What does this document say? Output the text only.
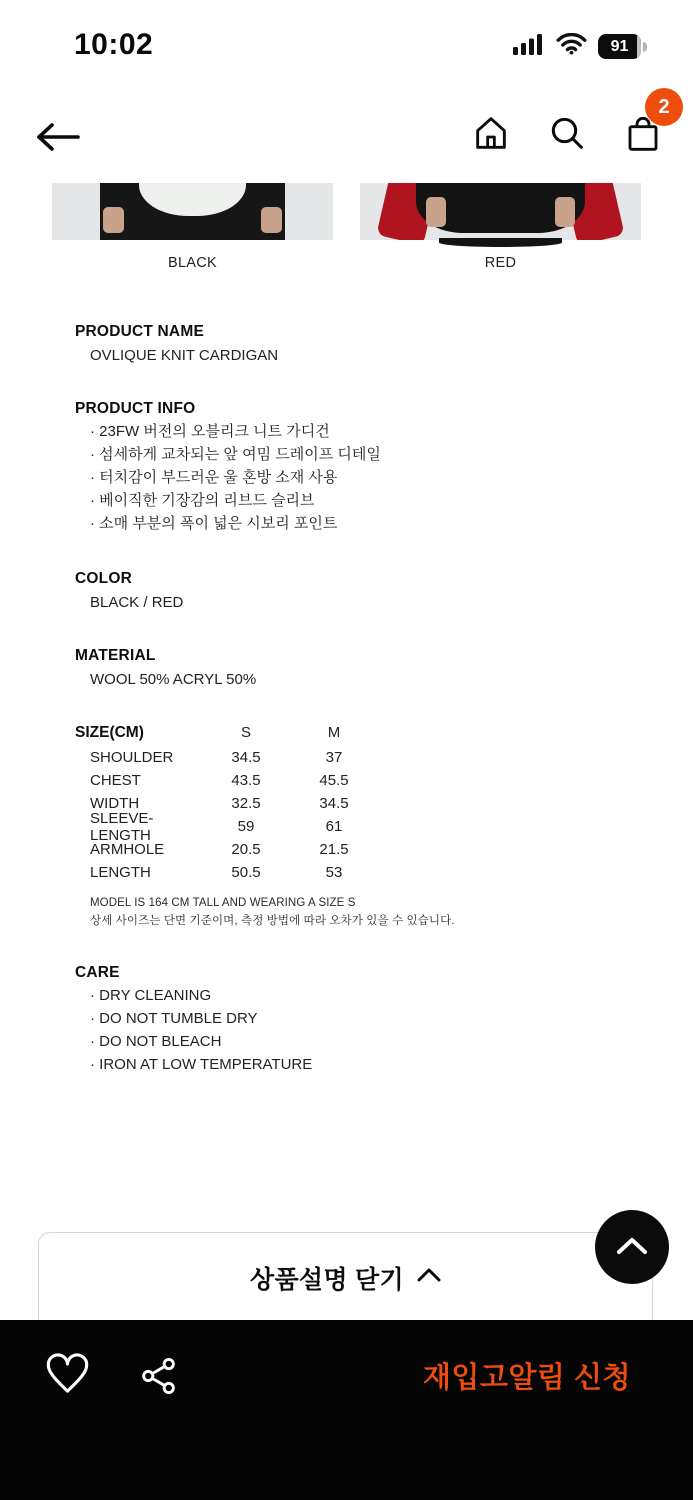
10:02	91
2
BLACK	RED
PRODUCT NAME
OVLIQUE KNIT CARDIGAN
PRODUCT INFO
· 23FW 버전의 오블리크 니트 가디건
· 섬세하게 교차되는 앞 여밈 드레이프 디테일
· 터치감이 부드러운 울 혼방 소재 사용
· 베이직한 기장감의 리브드 슬리브
· 소매 부분의 폭이 넓은 시보리 포인트
COLOR
BLACK / RED
MATERIAL
WOOL 50% ACRYL 50%
SIZE(CM)	S	M
SHOULDER	34.5	37
CHEST	43.5	45.5
WIDTH	32.5	34.5
SLEEVE-LENGTH	59	61
ARMHOLE	20.5	21.5
LENGTH	50.5	53
MODEL IS 164 CM TALL AND WEARING A SIZE S
상세 사이즈는 단면 기준이며, 측정 방법에 따라 오차가 있을 수 있습니다.
CARE
· DRY CLEANING
· DO NOT TUMBLE DRY
· DO NOT BLEACH
· IRON AT LOW TEMPERATURE
상품설명 닫기
재입고알림 신청
